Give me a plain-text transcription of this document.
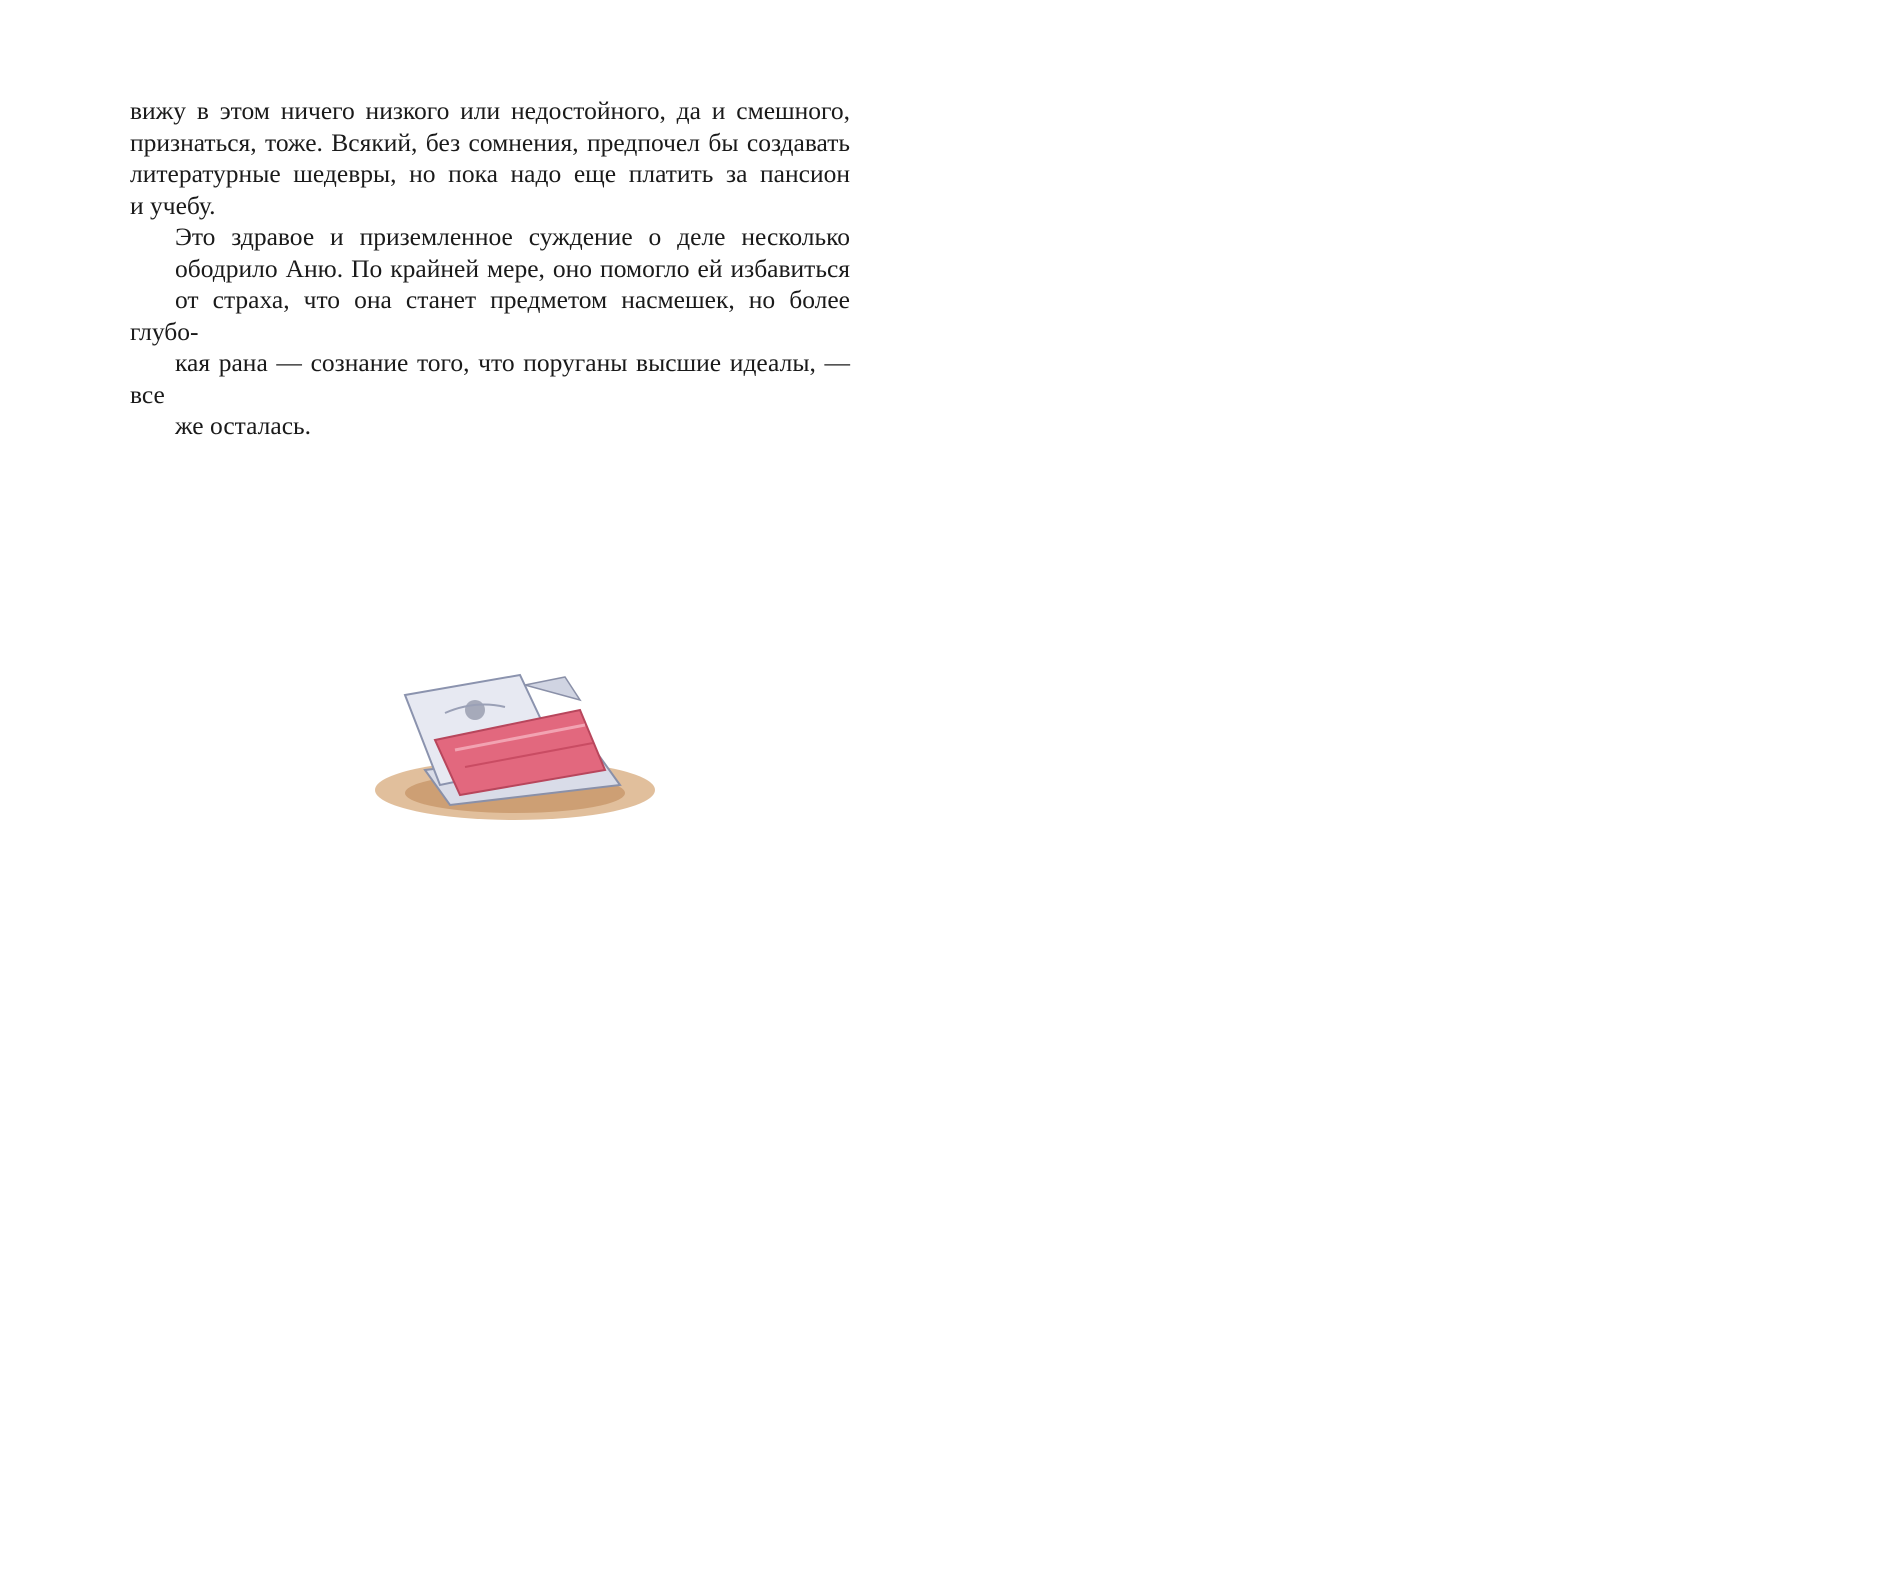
вижу в этом ничего низкого или недостойного, да и смешного,
признаться, тоже. Всякий, без сомнения, предпочел бы создавать
литературные шедевры, но пока надо еще платить за пансион
и учебу.

Это здравое и приземленное суждение о деле несколько
ободрило Аню. По крайней мере, оно помогло ей избавиться
от страха, что она станет предметом насмешек, но более глубо-
кая рана — сознание того, что поруганы высшие идеалы, — все
же осталась.
